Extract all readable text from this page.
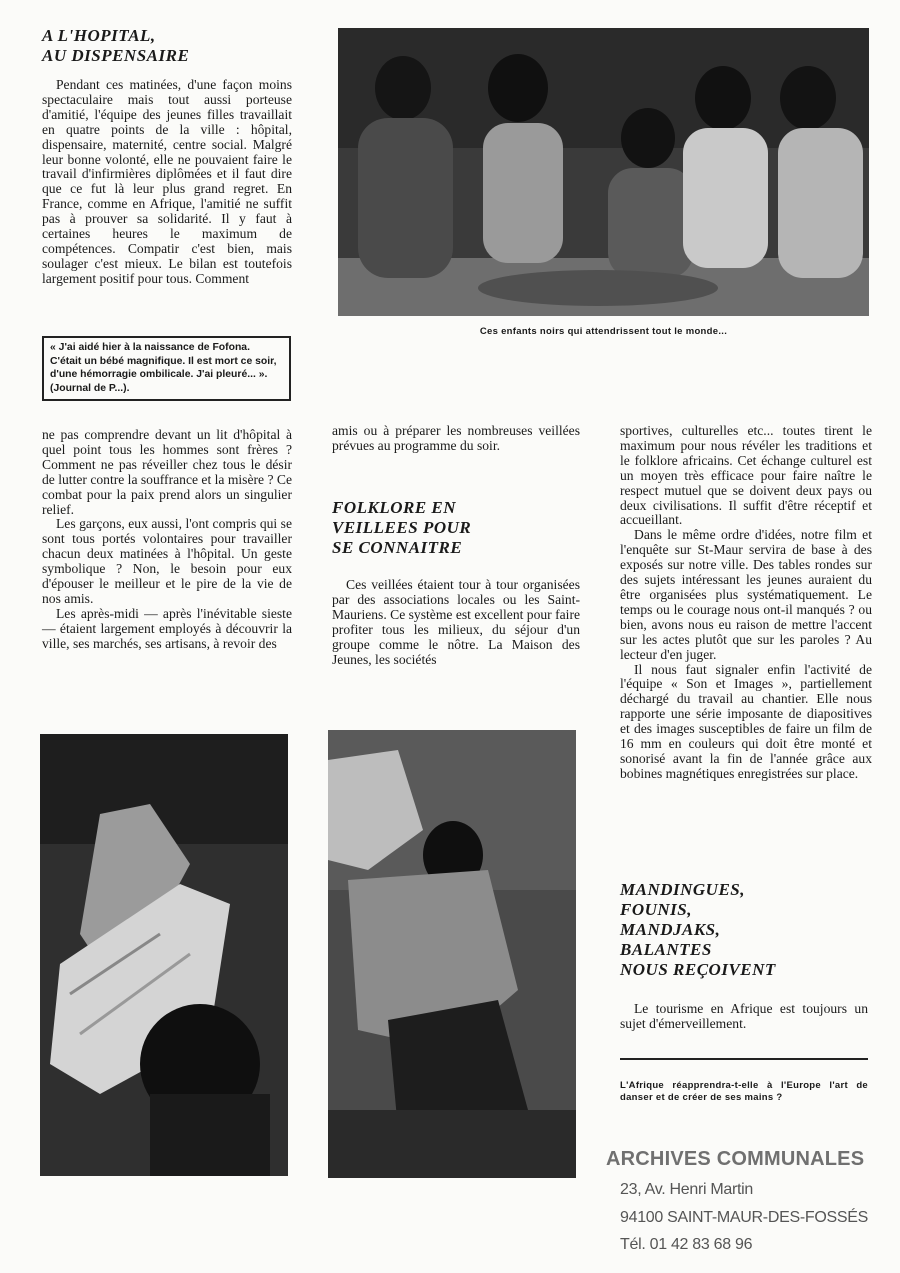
A L'HOPITAL,

AU DISPENSAIRE

Pendant ces matinées, d'une façon moins spectaculaire mais tout aussi porteuse d'amitié, l'équipe des jeunes filles travaillait en quatre points de la ville : hôpital, dispensaire, maternité, centre social. Malgré leur bonne volonté, elle ne pouvaient faire le travail d'infirmières diplômées et il faut dire que ce fut là leur plus grand regret. En France, comme en Afrique, l'amitié ne suffit pas à prouver sa solidarité. Il y faut à certaines heures le maximum de compétences. Compatir c'est bien, mais soulager c'est mieux. Le bilan est toutefois largement positif pour tous. Comment
Ces enfants noirs qui attendrissent tout le monde...
« J'ai aidé hier à la naissance de Fofona. C'était un bébé magnifique. Il est mort ce soir, d'une hémorragie ombilicale. J'ai pleuré... ». (Journal de P...).

ne pas comprendre devant un lit d'hôpital à quel point tous les hommes sont frères ? Comment ne pas réveiller chez tous le désir de lutter contre la souffrance et la misère ? Ce combat pour la paix prend alors un singulier relief.

Les garçons, eux aussi, l'ont compris qui se sont tous portés volontaires pour travailler chacun deux matinées à l'hôpital. Un geste symbolique ? Non, le besoin pour eux d'épouser le meilleur et le pire de la vie de nos amis.

Les après-midi — après l'inévitable sieste — étaient largement employés à découvrir la ville, ses marchés, ses artisans, à revoir des

amis ou à préparer les nombreuses veillées prévues au programme du soir.

FOLKLORE EN

VEILLEES POUR

SE CONNAITRE

Ces veillées étaient tour à tour organisées par des associations locales ou les Saint-Mauriens. Ce système est excellent pour faire profiter tous les milieux, du séjour d'un groupe comme le nôtre. La Maison des Jeunes, les sociétés

sportives, culturelles etc... toutes tirent le maximum pour nous révéler les traditions et le folklore africains. Cet échange culturel est un moyen très efficace pour faire naître le respect mutuel que se doivent deux pays ou deux civilisations. Il suffit d'être réceptif et accueillant.

Dans le même ordre d'idées, notre film et l'enquête sur St-Maur servira de base à des exposés sur notre ville. Des tables rondes sur des sujets intéressant les jeunes auraient du être organisées plus systématiquement. Le temps ou le courage nous ont-il manqués ? ou bien, avons nous eu raison de mettre l'accent sur les actes plutôt que sur les paroles ? Au lecteur d'en juger.

Il nous faut signaler enfin l'activité de l'équipe « Son et Images », partiellement déchargé du travail au chantier. Elle nous rapporte une série imposante de diapositives et des images susceptibles de faire un film de 16 mm en couleurs qui doit être monté et sonorisé avant la fin de l'année grâce aux bobines magnétiques enregistrées sur place.

MANDINGUES,

FOUNIS,

MANDJAKS,

BALANTES

NOUS REÇOIVENT

Le tourisme en Afrique est toujours un sujet d'émerveillement.

L'Afrique réapprendra-t-elle à l'Europe l'art de danser et de créer de ses mains ?
ARCHIVES COMMUNALES
23, Av. Henri Martin
94100 SAINT-MAUR-DES-FOSSÉS
Tél. 01 42 83 68 96
